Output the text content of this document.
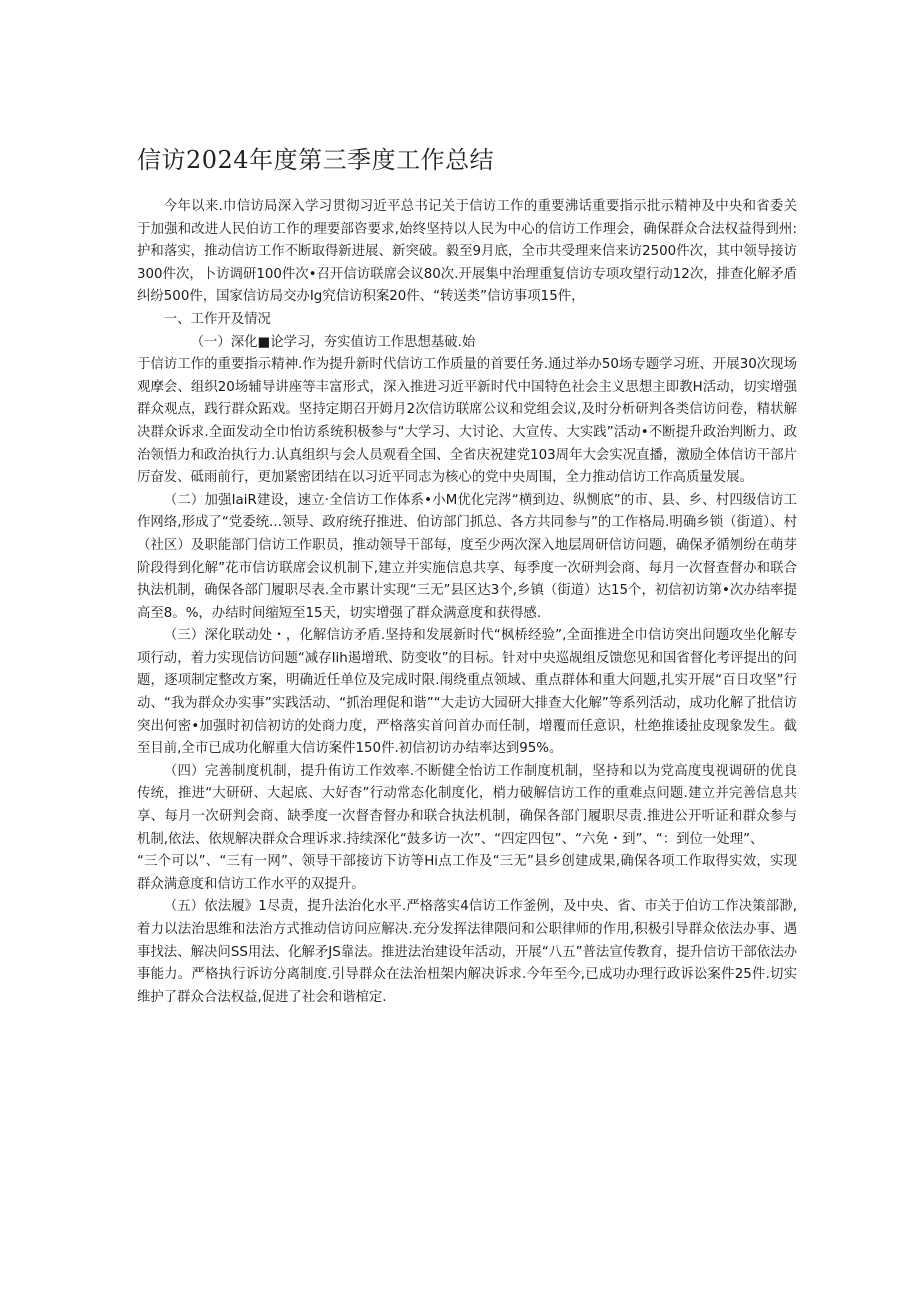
信访2024年度第三季度工作总结

今年以来.巾信访局深入学习贯彻习近平总书记关于信访工作的重要沸话重要指示批示精神及中央和省委关于加强和改进人民伯访工作的理要部咨要求,始终坚持以人民为中心的信访工作理会，确保群众合法权益得到州:护和落实，推动信访工作不断取得新进展、新突破。毅至9月底，全市共受理来信来访2500件次，其中领导接访300件次，卜访调研100件次•召开信访联席会议80次.开展集中治理重复信访专项攻望行动12次，排查化解矛盾纠纷500件，国家信访局交办Ig究信访积案20件、“转送类”信访事项15件，

一、工作开及情况

（一）深化■论学习，夯实值访工作思想基破.始

于信访工作的重要指示精神.作为提升新时代信访工作质量的首要任务.通过举办50场专题学习班、开展30次现场观摩会、组织20场辅导讲座等丰富形式，深入推进习近平新时代中国特色社会主义思想主即教H活动，切实增强群众观点，践行群众跖戏。坚持定期召开姆月2次信访联席公议和党组会议,及时分析研判各类信访问卷，精状解决群众诉求.全面发动全巾怡访系统积极参与“大学习、大讨论、大宣传、大实践”活动•不断提升政治判断力、政治领悟力和政治执行力.认真组织与会人员观看全国、全省庆祝建党103周年大会实况直播，激励全体信访干部片厉奋发、砥雨前行，更加紧密团结在以习近平同志为核心的党中央周围，全力推动信访工作高质量发展。

（二）加强IaiR建设，速立·全信访工作体系•小M优化完涔“横到边、纵恻底”的市、县、乡、村四级信访工作网络,形成了“党委统...领导、政府统孖推进、伯访部门抓总、各方共同参与”的工作格局.明确乡锁（街道）、村（社区）及职能部门信访工作职员，推动领导干部每，度至少两次深入地层周研信访问题，确保矛循刎纷在萌芽阶段得到化解”花市信访联席会议机制下,建立并实施信息共享、每季度一次研判会商、每月一次督查督办和联合执法机制，确保各部门履职尽表.全市累计实现“三无”县区达3个,乡镇（街道）达15个，初信初访第•次办结率提高至8。%，办结时间缩短至15天，切实增强了群众满意度和获得感.

（三）深化联动处・，化解信访矛盾.坚持和发展新时代“枫桥经验”,全面推进全巾信访突出问题攻坐化解专项行动，着力实现信访问题“减存Iih遏增玳、防变收”的目标。针对中央巡觇组反馈您见和国省督化考评提出的问题，逐项制定整改方案，明确近任单位及完成时限.闱绕重点领域、重点群体和重大问题,扎实开展“百日攻坚”行动、“我为群众办实事”实践活动、“抓治理促和谐”“大走访大园研大排查大化解”等系列活动，成功化解了批信访突出何密•加强时初信初访的处商力度，严格落实首问首办而任制，增覆而任意识，杜绝推诿扯皮现象发生。截至目前,全市已成功化解重大信访案件150件.初信初访办结率达到95%。

（四）完善制度机制，提升侑访工作效率.不断健全怡访工作制度机制，坚持和以为党高度曳视调研的优良传统，推进“大研研、大起底、大好杳”行动常态化制度化，梢力破解信访工作的重难点问题.建立并完善信息共享、每月一次研判会商、缺季度一次督杳督办和联合执法机制，确保各部门履职尽责.推进公开听证和群众参与机制,依法、依规解决群众合理诉求.持续深化“鼓多访一次”、“四定四包”、“六免・到”、“：到位一处理”、

“三个可以”、“三有一网”、领导干部接访下访等Hi点工作及“三无”县乡创建成果,确保各项工作取得实效，实现群众满意度和信访工作水平的双提升。

（五）依法履》1尽责，提升法治化水平.严格落实4信访工作釜例，及中央、省、市关于伯访工作决策部渺,着力以法治思维和法治方式推动信访问应解决.充分发挥法律隈问和公职律师的作用,积极引导群众依法办事、遇事找法、解决问SS用法、化解矛JS靠法。推进法治建设年活动，开展“八五”普法宣传教育，提升信访干部依法办事能力。严格执行诉访分离制度.引导群众在法治杻架内解决诉求.今年至今,已成功办理行政诉讼案件25件.切实维护了群众合法权益,促进了社会和谐棺定.
